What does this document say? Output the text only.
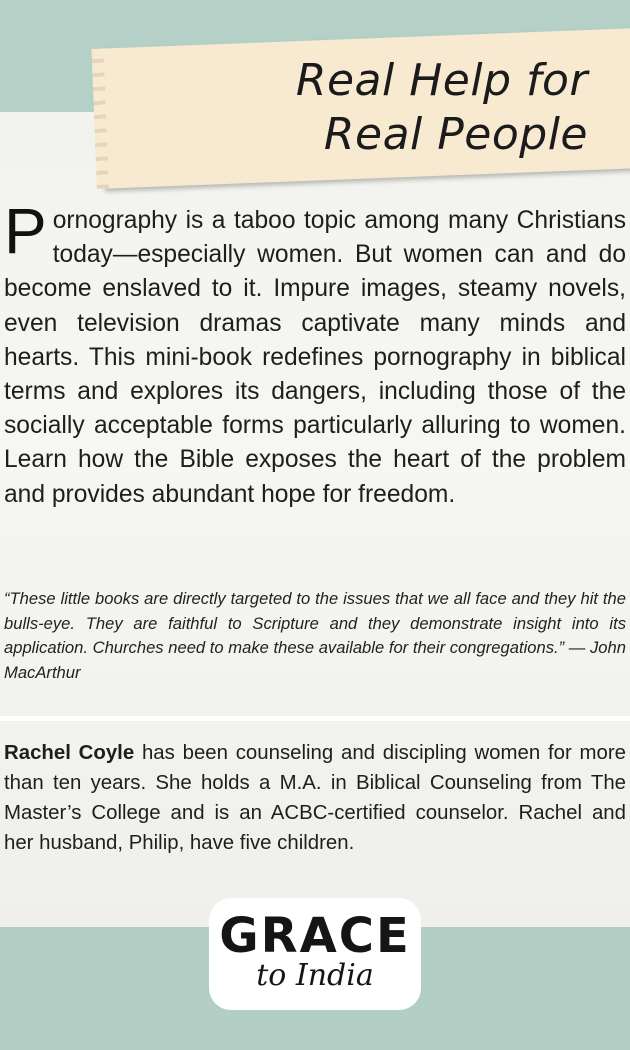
Real Help for
Real People
Pornography is a taboo topic among many Christians today—especially women. But women can and do become enslaved to it. Impure images, steamy novels, even television dramas captivate many minds and hearts. This mini-book redefines pornography in biblical terms and explores its dangers, including those of the socially acceptable forms particularly alluring to women. Learn how the Bible exposes the heart of the problem and provides abundant hope for freedom.
“These little books are directly targeted to the issues that we all face and they hit the bulls-eye. They are faithful to Scripture and they demonstrate insight into its application. Churches need to make these available for their congregations.” — John MacArthur
Rachel Coyle has been counseling and discipling women for more than ten years. She holds a M.A. in Biblical Counseling from The Master’s College and is an ACBC-certified counselor. Rachel and her husband, Philip, have five children.
GRACE
to India
